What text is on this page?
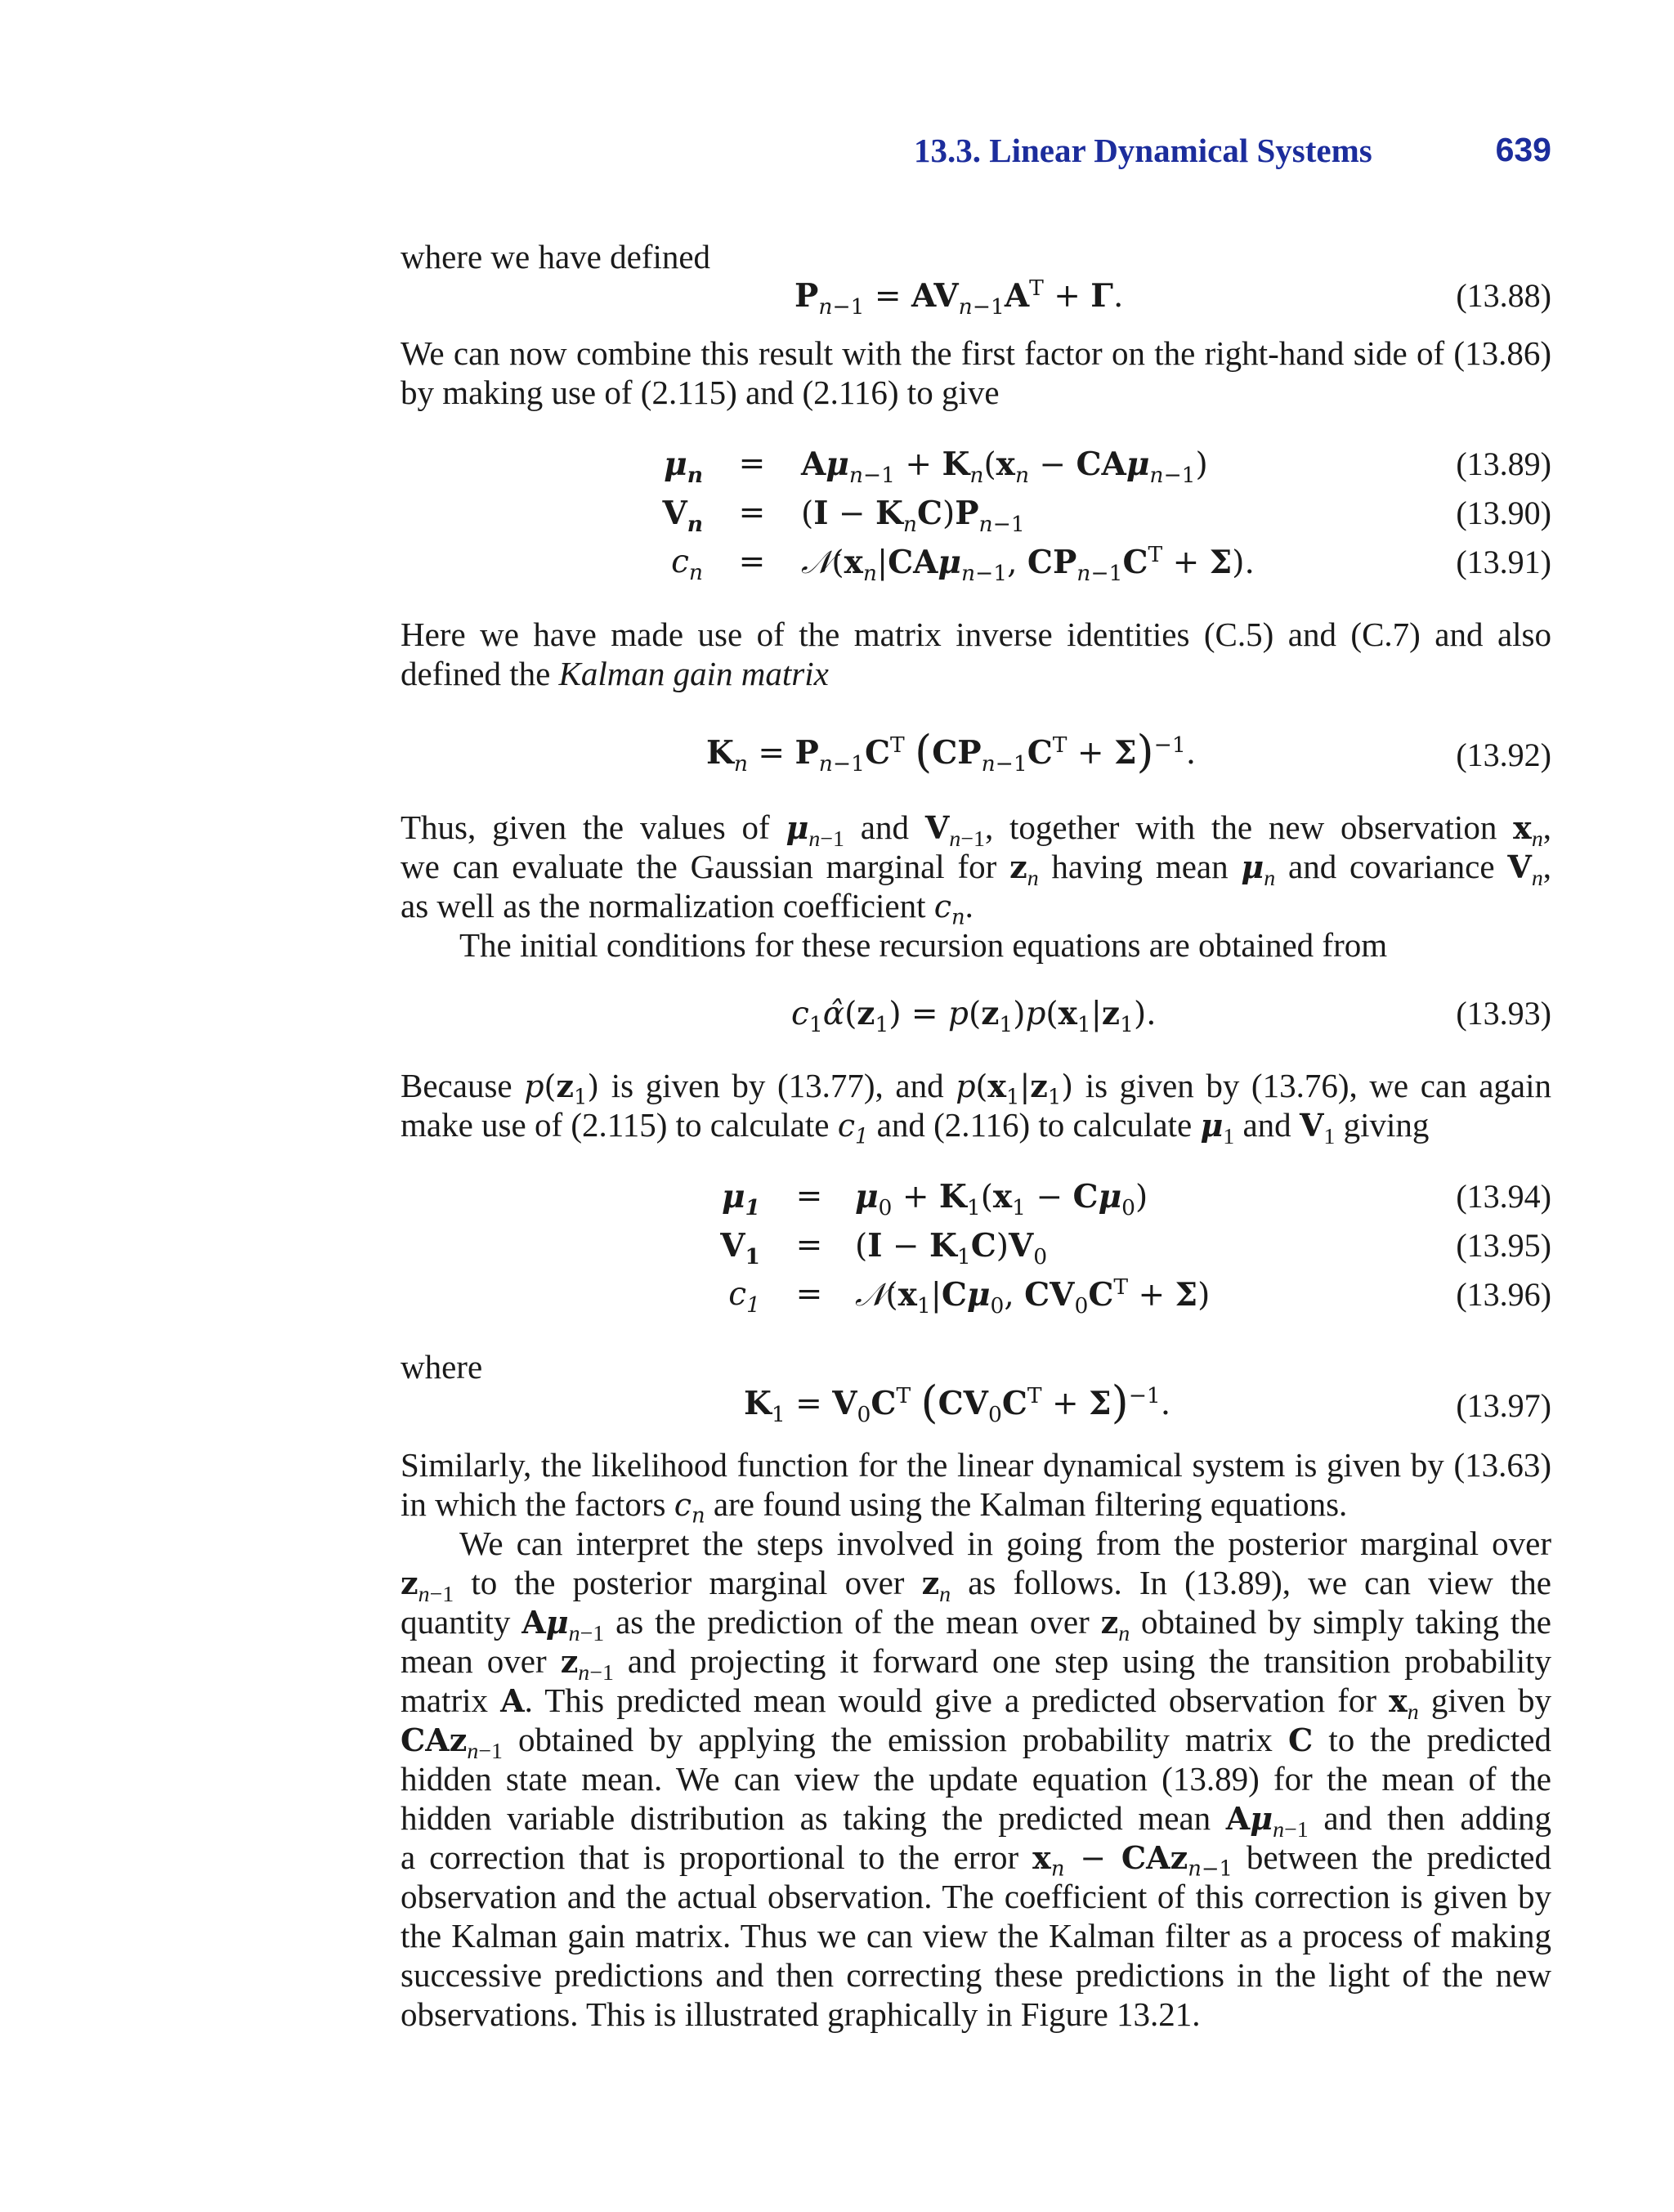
13.3. Linear Dynamical Systems	639
where we have defined
$P_{n-1} = AV_{n-1}A^T + \Gamma$.	(13.88)
We can now combine this result with the first factor on the right-hand side of (13.86)
by making use of (2.115) and (2.116) to give
$\mu_n = A\mu_{n-1} + K_n(x_n - CA\mu_{n-1})$	(13.89)
$V_n = (I - K_nC)P_{n-1}$	(13.90)
$c_n$ = $𝒩(x_n|CA\mu_{n-1}$, $CP_{n-1}C^T + \Sigma$).	(13.91)
Here we have made use of the matrix inverse identities (C.5) and (C.7) and also
defined the Kalman gain matrix
$K_n = P_{n-1}C^T$ $(CP_{n-1}C^T + \Sigma)^{-1}$.	(13.92)
Thus, given the values of $\mu_{n-1}$ and $V_{n-1}$, together with the new observation $x_n$,
we can evaluate the Gaussian marginal for $z_n$ having mean $\mu_n$ and covariance $V_n$,
as well as the normalization coefficient $c_n$.
The initial conditions for these recursion equations are obtained from
$c_1\alphâ(z_1) = p(z_1)p(x_1|z_1)$.	(13.93)
Because $p(z_1)$ is given by (13.77), and $p(x_1|z_1)$ is given by (13.76), we can again
make use of (2.115) to calculate $c_1$ and (2.116) to calculate $\mu_1$ and $V_1$ giving
$\mu_1 = \mu_0 + K_1(x_1 - C\mu_0)$	(13.94)
$V_1 = (I - K_1C)V_0$	(13.95)
$c_1$ = $𝒩(x_1|C\mu_0$, $CV_0C^T + \Sigma$)	(13.96)
where
$K_1 = V_0C^T$ $(CV_0C^T + \Sigma)^{-1}$.	(13.97)
Similarly, the likelihood function for the linear dynamical system is given by (13.63)
in which the factors $c_n$ are found using the Kalman filtering equations.
We can interpret the steps involved in going from the posterior marginal over
$z_{n-1}$ to the posterior marginal over $z_n$ as follows. In (13.89), we can view the
quantity $A\mu_{n-1}$ as the prediction of the mean over $z_n$ obtained by simply taking the
mean over $z_{n-1}$ and projecting it forward one step using the transition probability
matrix A. This predicted mean would give a predicted observation for $x_n$ given by
CAz$_{n-1}$ obtained by applying the emission probability matrix C to the predicted
hidden state mean. We can view the update equation (13.89) for the mean of the
hidden variable distribution as taking the predicted mean $A\mu_{n-1}$ and then adding
a correction that is proportional to the error $x_n - CAz_{n-1}$ between the predicted
observation and the actual observation. The coefficient of this correction is given by
the Kalman gain matrix. Thus we can view the Kalman filter as a process of making
successive predictions and then correcting these predictions in the light of the new
observations. This is illustrated graphically in Figure 13.21.
